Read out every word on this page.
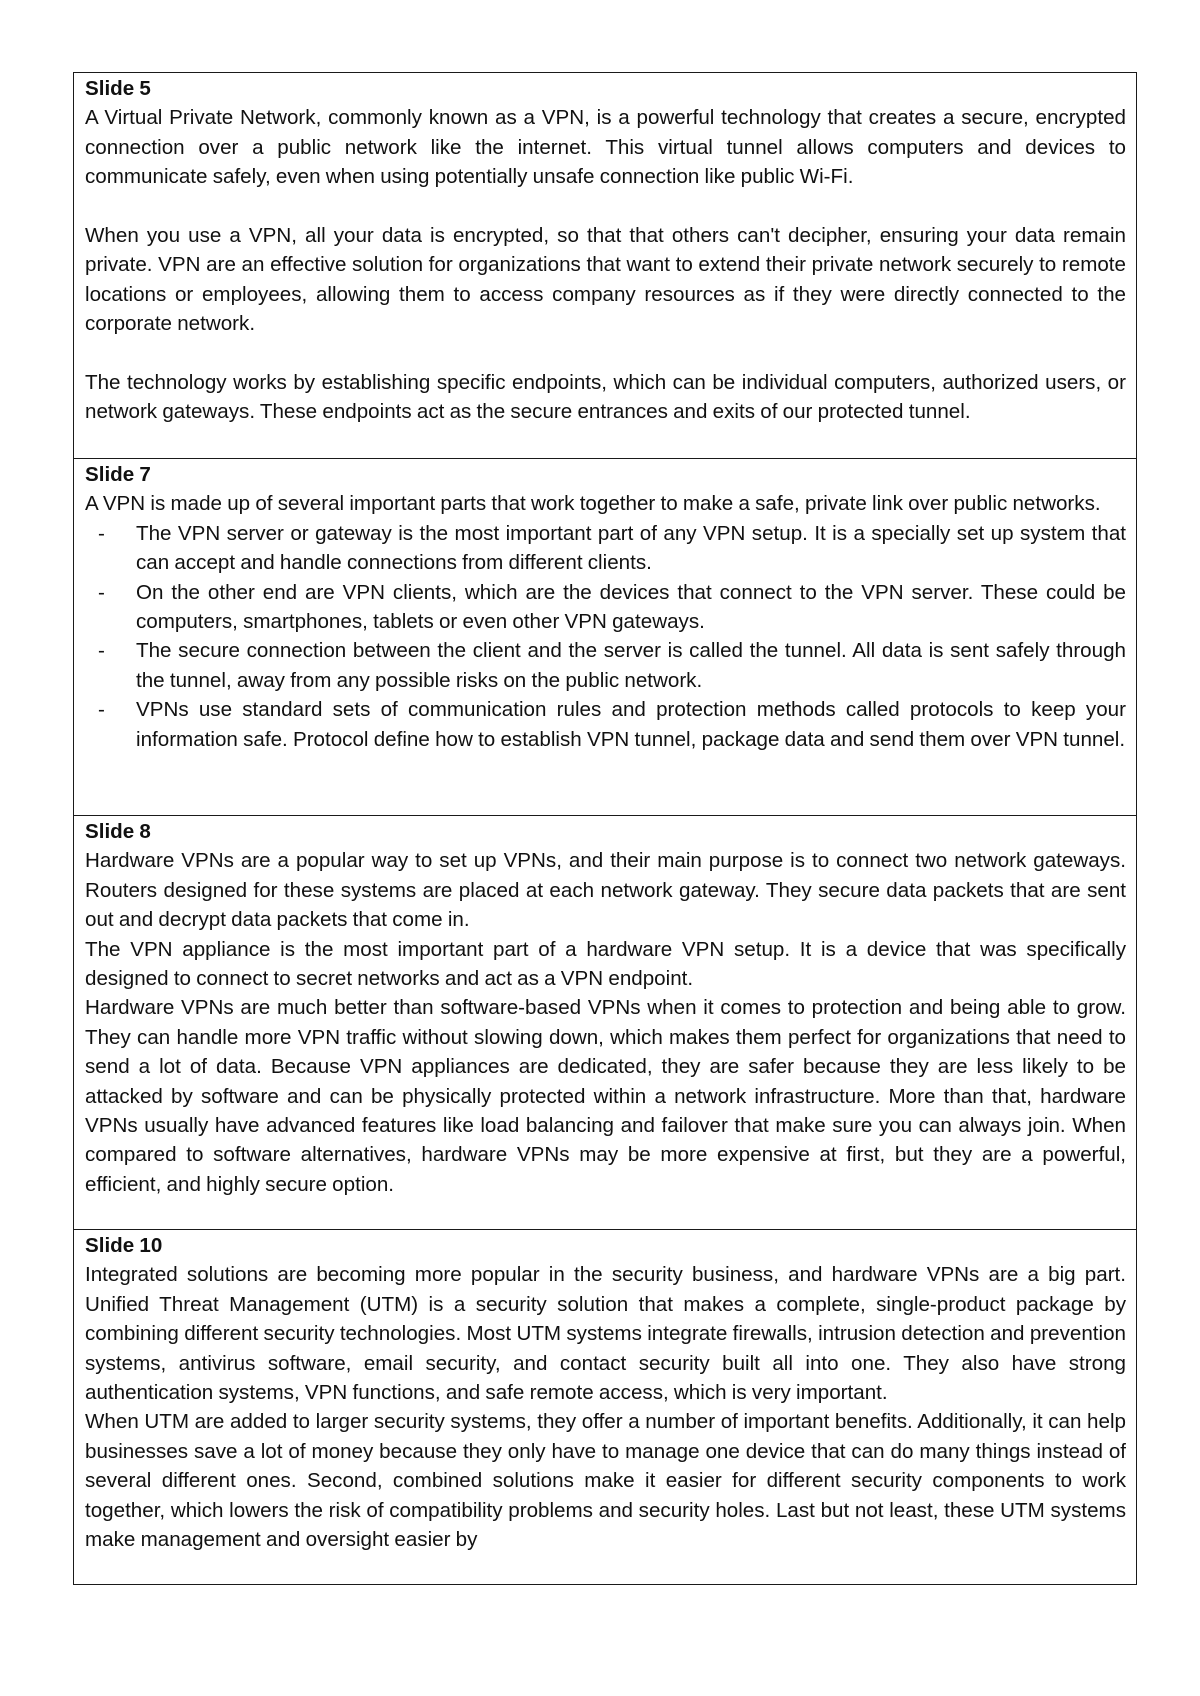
Slide 5

A Virtual Private Network, commonly known as a VPN, is a powerful technology that creates a secure, encrypted connection over a public network like the internet. This virtual tunnel allows computers and devices to communicate safely, even when using potentially unsafe connection like public Wi-Fi.

When you use a VPN, all your data is encrypted, so that that others can't decipher, ensuring your data remain private. VPN are an effective solution for organizations that want to extend their private network securely to remote locations or employees, allowing them to access company resources as if they were directly connected to the corporate network.

The technology works by establishing specific endpoints, which can be individual computers, authorized users, or network gateways. These endpoints act as the secure entrances and exits of our protected tunnel.

Slide 7

A VPN is made up of several important parts that work together to make a safe, private link over public networks.

- The VPN server or gateway is the most important part of any VPN setup. It is a specially set up system that can accept and handle connections from different clients.
- On the other end are VPN clients, which are the devices that connect to the VPN server. These could be computers, smartphones, tablets or even other VPN gateways.
- The secure connection between the client and the server is called the tunnel. All data is sent safely through the tunnel, away from any possible risks on the public network.
- VPNs use standard sets of communication rules and protection methods called protocols to keep your information safe. Protocol define how to establish VPN tunnel, package data and send them over VPN tunnel.

Slide 8

Hardware VPNs are a popular way to set up VPNs, and their main purpose is to connect two network gateways. Routers designed for these systems are placed at each network gateway. They secure data packets that are sent out and decrypt data packets that come in.

The VPN appliance is the most important part of a hardware VPN setup. It is a device that was specifically designed to connect to secret networks and act as a VPN endpoint.

Hardware VPNs are much better than software-based VPNs when it comes to protection and being able to grow. They can handle more VPN traffic without slowing down, which makes them perfect for organizations that need to send a lot of data. Because VPN appliances are dedicated, they are safer because they are less likely to be attacked by software and can be physically protected within a network infrastructure. More than that, hardware VPNs usually have advanced features like load balancing and failover that make sure you can always join. When compared to software alternatives, hardware VPNs may be more expensive at first, but they are a powerful, efficient, and highly secure option.

Slide 10

Integrated solutions are becoming more popular in the security business, and hardware VPNs are a big part. Unified Threat Management (UTM) is a security solution that makes a complete, single-product package by combining different security technologies. Most UTM systems integrate firewalls, intrusion detection and prevention systems, antivirus software, email security, and contact security built all into one. They also have strong authentication systems, VPN functions, and safe remote access, which is very important.

When UTM are added to larger security systems, they offer a number of important benefits. Additionally, it can help businesses save a lot of money because they only have to manage one device that can do many things instead of several different ones. Second, combined solutions make it easier for different security components to work together, which lowers the risk of compatibility problems and security holes. Last but not least, these UTM systems make management and oversight easier by
